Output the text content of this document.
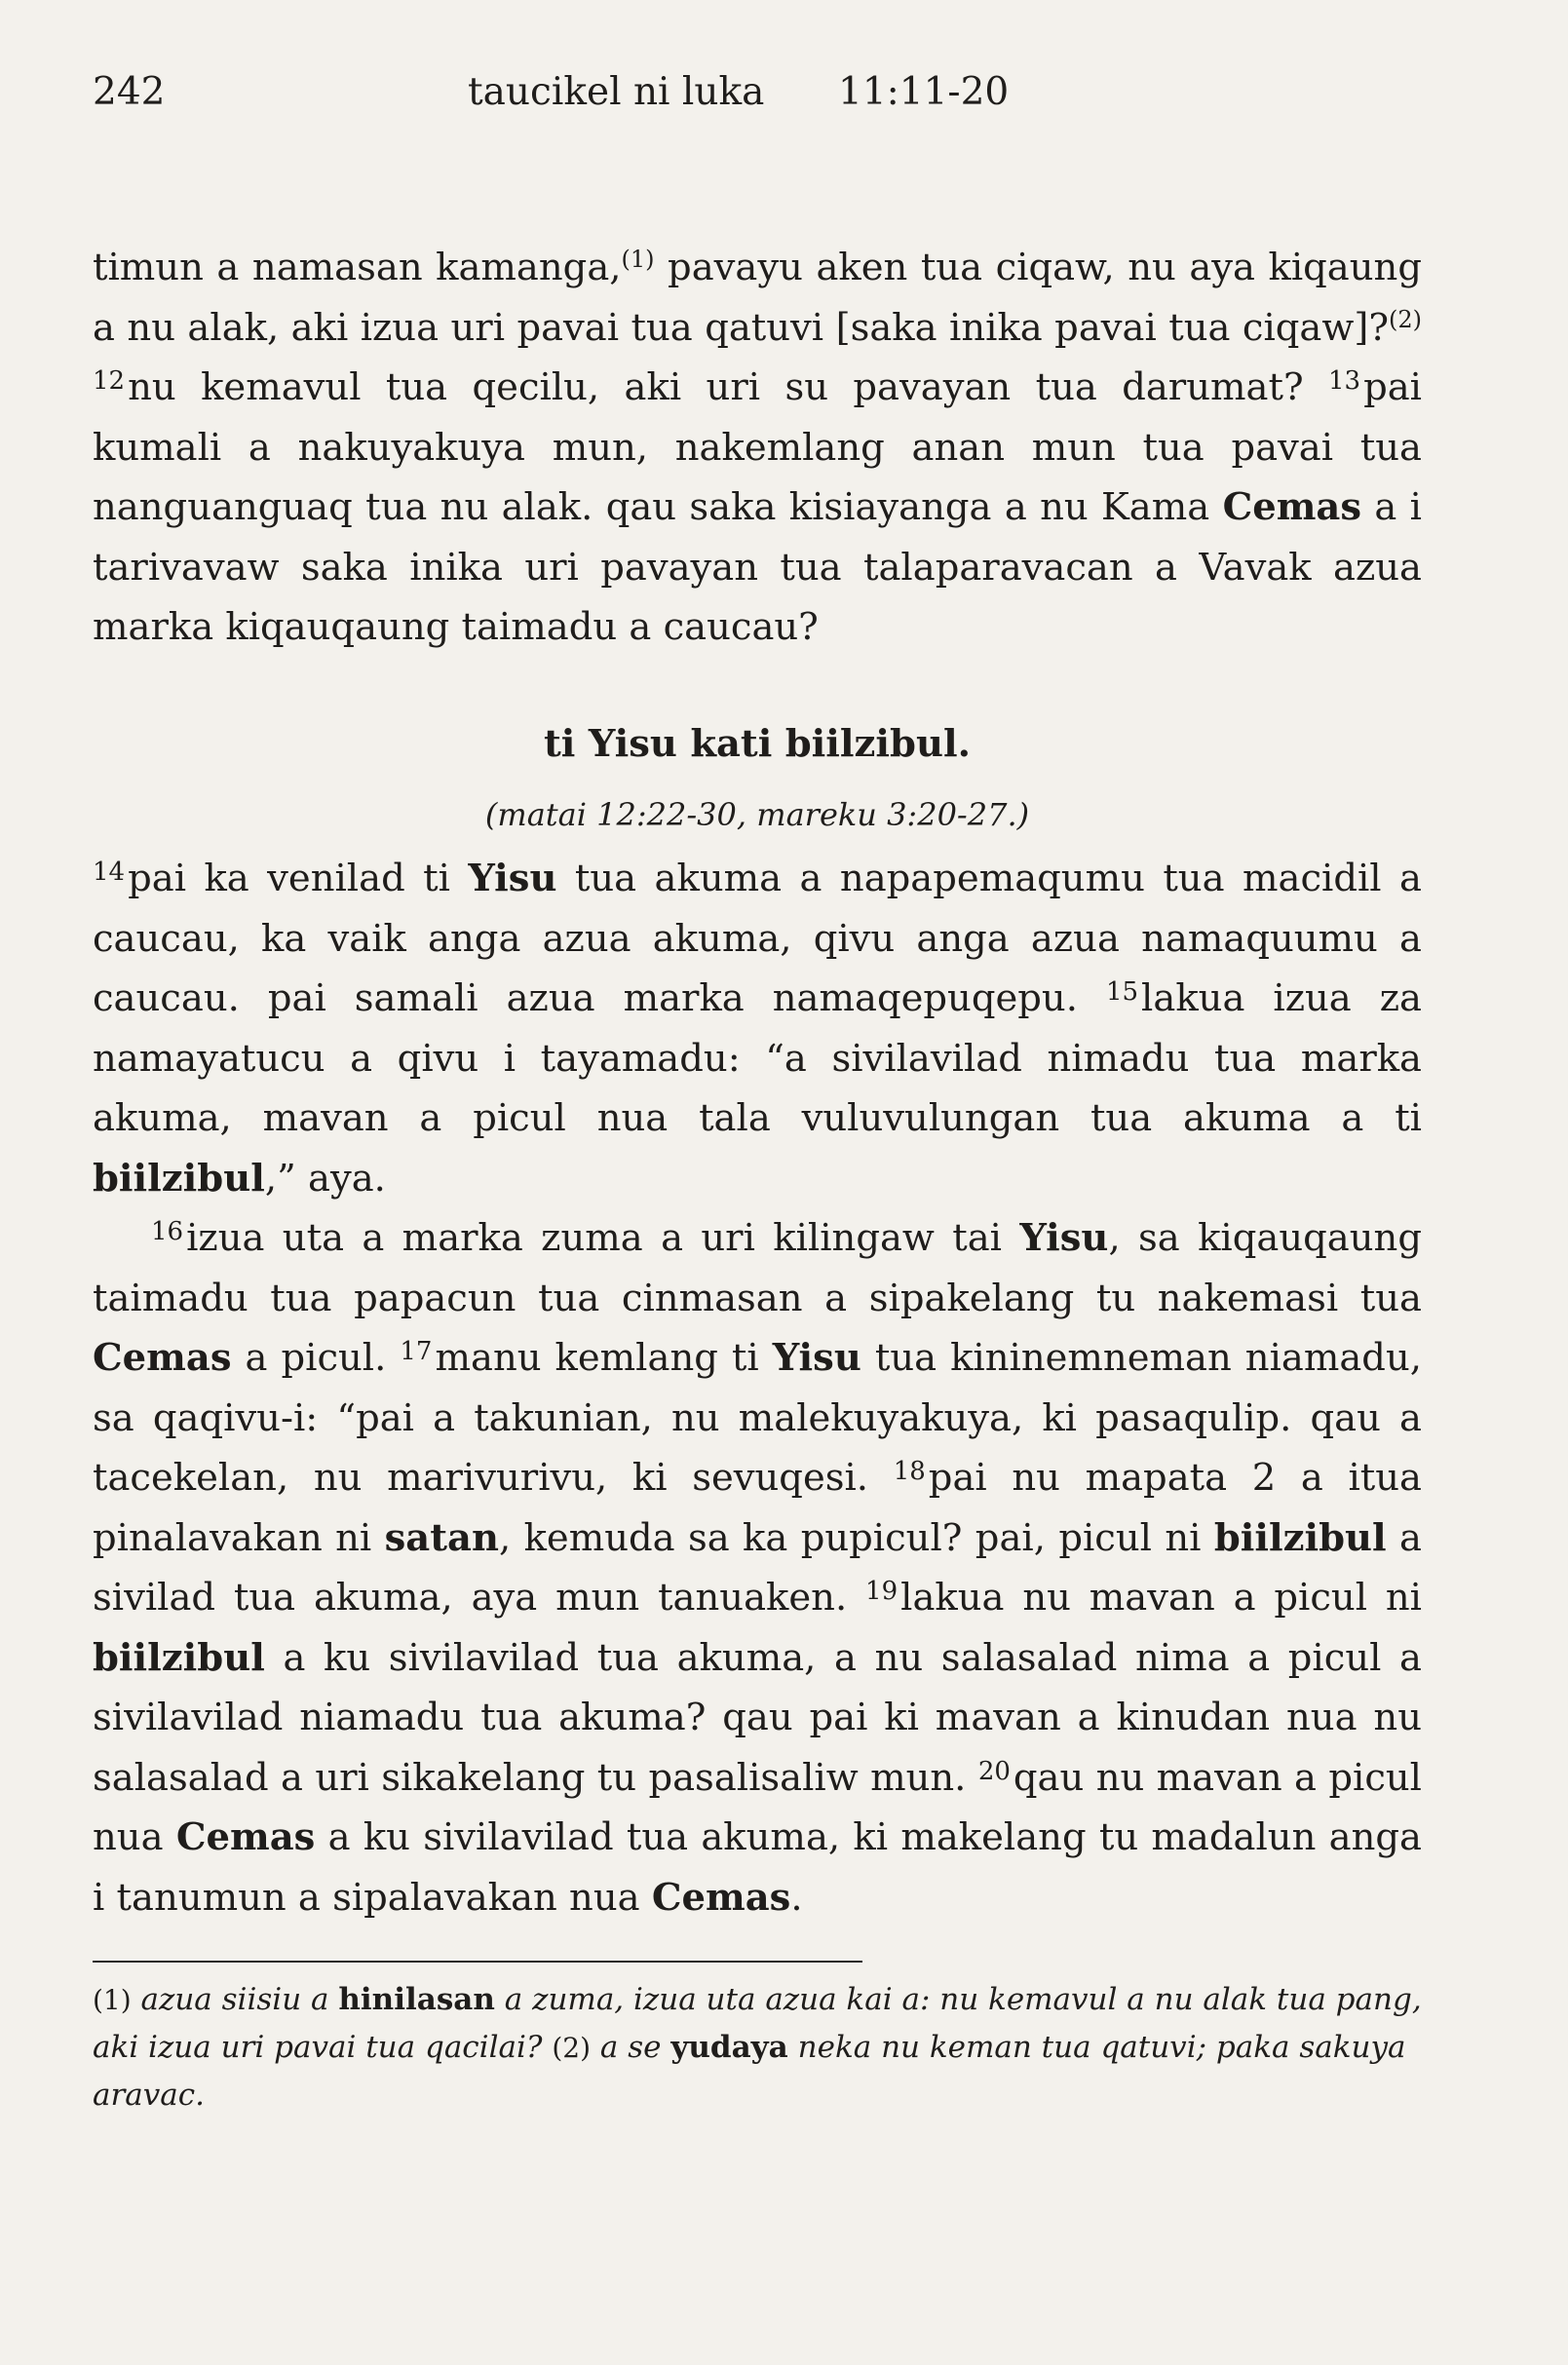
242	taucikel ni luka 11:11-20

timun a namasan kamanga,$^{(1)}$ pavayu aken tua ciqaw, nu aya kiqaung a nu alak, aki izua uri pavai tua qatuvi [saka inika pavai tua ciqaw]?$^{(2)}$ $^{12}$nu kemavul tua qecilu, aki uri su pavayan tua darumat? $^{13}$pai kumali a nakuyakuya mun, nakemlang anan mun tua pavai tua nanguanguaq tua nu alak. qau saka kisiayanga a nu Kama Cemas a i tarivavaw saka inika uri pavayan tua talaparavacan a Vavak azua marka kiqauqaung taimadu a caucau?

ti Yisu kati biilzibul.
(matai 12:22-30, mareku 3:20-27.)

$^{14}$pai ka venilad ti Yisu tua akuma a napapemaqumu tua macidil a caucau, ka vaik anga azua akuma, qivu anga azua namaquumu a caucau. pai samali azua marka namaqepuqepu. $^{15}$lakua izua za namayatucu a qivu i tayamadu: “a sivilavilad nimadu tua marka akuma, mavan a picul nua tala vuluvulungan tua akuma a ti biilzibul,” aya.

$^{16}$izua uta a marka zuma a uri kilingaw tai Yisu, sa kiqauqaung taimadu tua papacun tua cinmasan a sipakelang tu nakemasi tua Cemas a picul. $^{17}$manu kemlang ti Yisu tua kininemneman niamadu, sa qaqivu-i: “pai a takunian, nu malekuyakuya, ki pasaqulip. qau a tacekelan, nu marivurivu, ki sevuqesi. $^{18}$pai nu mapata 2 a itua pinalavakan ni satan, kemuda sa ka pupicul? pai, picul ni biilzibul a sivilad tua akuma, aya mun tanuaken. $^{19}$lakua nu mavan a picul ni biilzibul a ku sivilavilad tua akuma, a nu salasalad nima a picul a sivilavilad niamadu tua akuma? qau pai ki mavan a kinudan nua nu salasalad a uri sikakelang tu pasalisaliw mun. $^{20}$qau nu mavan a picul nua Cemas a ku sivilavilad tua akuma, ki makelang tu madalun anga i tanumun a sipalavakan nua Cemas.

(1) azua siisiu a hinilasan a zuma, izua uta azua kai a: nu kemavul a nu alak tua pang, aki izua uri pavai tua qacilai? (2) a se yudaya neka nu keman tua qatuvi; paka sakuya aravac.
